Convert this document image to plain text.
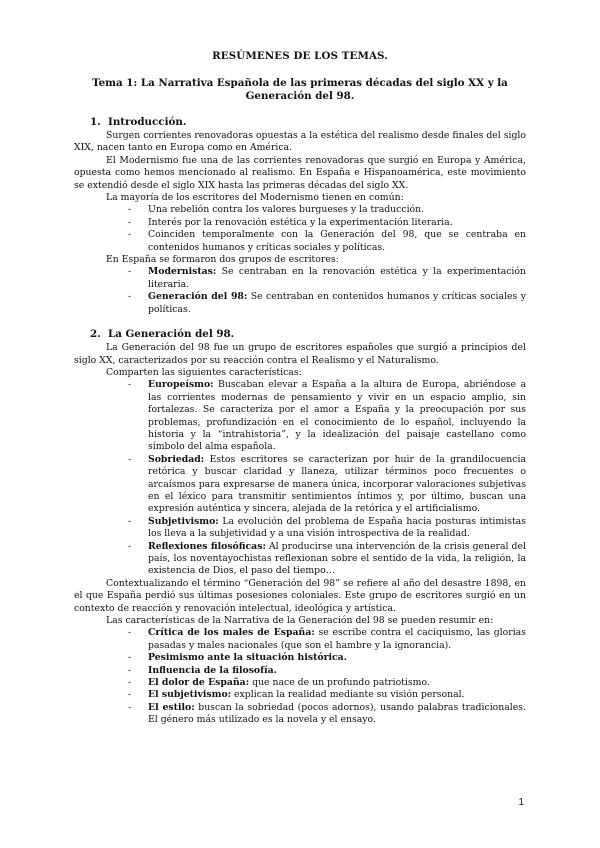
RESÚMENES DE LOS TEMAS.
Tema 1: La Narrativa Española de las primeras décadas del siglo XX y la Generación del 98.
1. Introducción.

Surgen corrientes renovadoras opuestas a la estética del realismo desde finales del siglo XIX, nacen tanto en Europa como en América.

El Modernismo fue una de las corrientes renovadoras que surgió en Europa y América, opuesta como hemos mencionado al realismo. En España e Hispanoamérica, este movimiento se extendió desde el siglo XIX hasta las primeras décadas del siglo XX.

La mayoría de los escritores del Modernismo tienen en común:

- Una rebelión contra los valores burgueses y la traducción.
- Interés por la renovación estética y la experimentación literaria.
- Coinciden temporalmente con la Generación del 98, que se centraba en contenidos humanos y críticas sociales y políticas.

En España se formaron dos grupos de escritores:

- Modernistas: Se centraban en la renovación estética y la experimentación literaria.
- Generación del 98: Se centraban en contenidos humanos y críticas sociales y políticas.
2. La Generación del 98.

La Generación del 98 fue un grupo de escritores españoles que surgió a principios del siglo XX, caracterizados por su reacción contra el Realismo y el Naturalismo.

Comparten las siguientes características:

- Europeísmo: Buscaban elevar a España a la altura de Europa, abriéndose a las corrientes modernas de pensamiento y vivir en un espacio amplio, sin fortalezas. Se caracteriza por el amor a España y la preocupación por sus problemas, profundización en el conocimiento de lo español, incluyendo la historia y la “intrahistoria”, y la idealización del paisaje castellano como símbolo del alma española.
- Sobriedad: Estos escritores se caracterizan por huir de la grandilocuencia retórica y buscar claridad y llaneza, utilizar términos poco frecuentes o arcaísmos para expresarse de manera única, incorporar valoraciones subjetivas en el léxico para transmitir sentimientos íntimos y, por último, buscan una expresión auténtica y sincera, alejada de la retórica y el artificialismo.
- Subjetivismo: La evolución del problema de España hacia posturas intimistas los lleva a la subjetividad y a una visión introspectiva de la realidad.
- Reflexiones filosóficas: Al producirse una intervención de la crisis general del país, los noventayochistas reflexionan sobre el sentido de la vida, la religión, la existencia de Dios, el paso del tiempo…

Contextualizando el término “Generación del 98” se refiere al año del desastre 1898, en el que España perdió sus últimas posesiones coloniales. Este grupo de escritores surgió en un contexto de reacción y renovación intelectual, ideológica y artística.

Las características de la Narrativa de la Generación del 98 se pueden resumir en:

- Crítica de los males de España: se escribe contra el caciquismo, las glorias pasadas y males nacionales (que son el hambre y la ignorancia).
- Pesimismo ante la situación histórica.
- Influencia de la filosofía.
- El dolor de España: que nace de un profundo patriotismo.
- El subjetivismo: explican la realidad mediante su visión personal.
- El estilo: buscan la sobriedad (pocos adornos), usando palabras tradicionales. El género más utilizado es la novela y el ensayo.
1
